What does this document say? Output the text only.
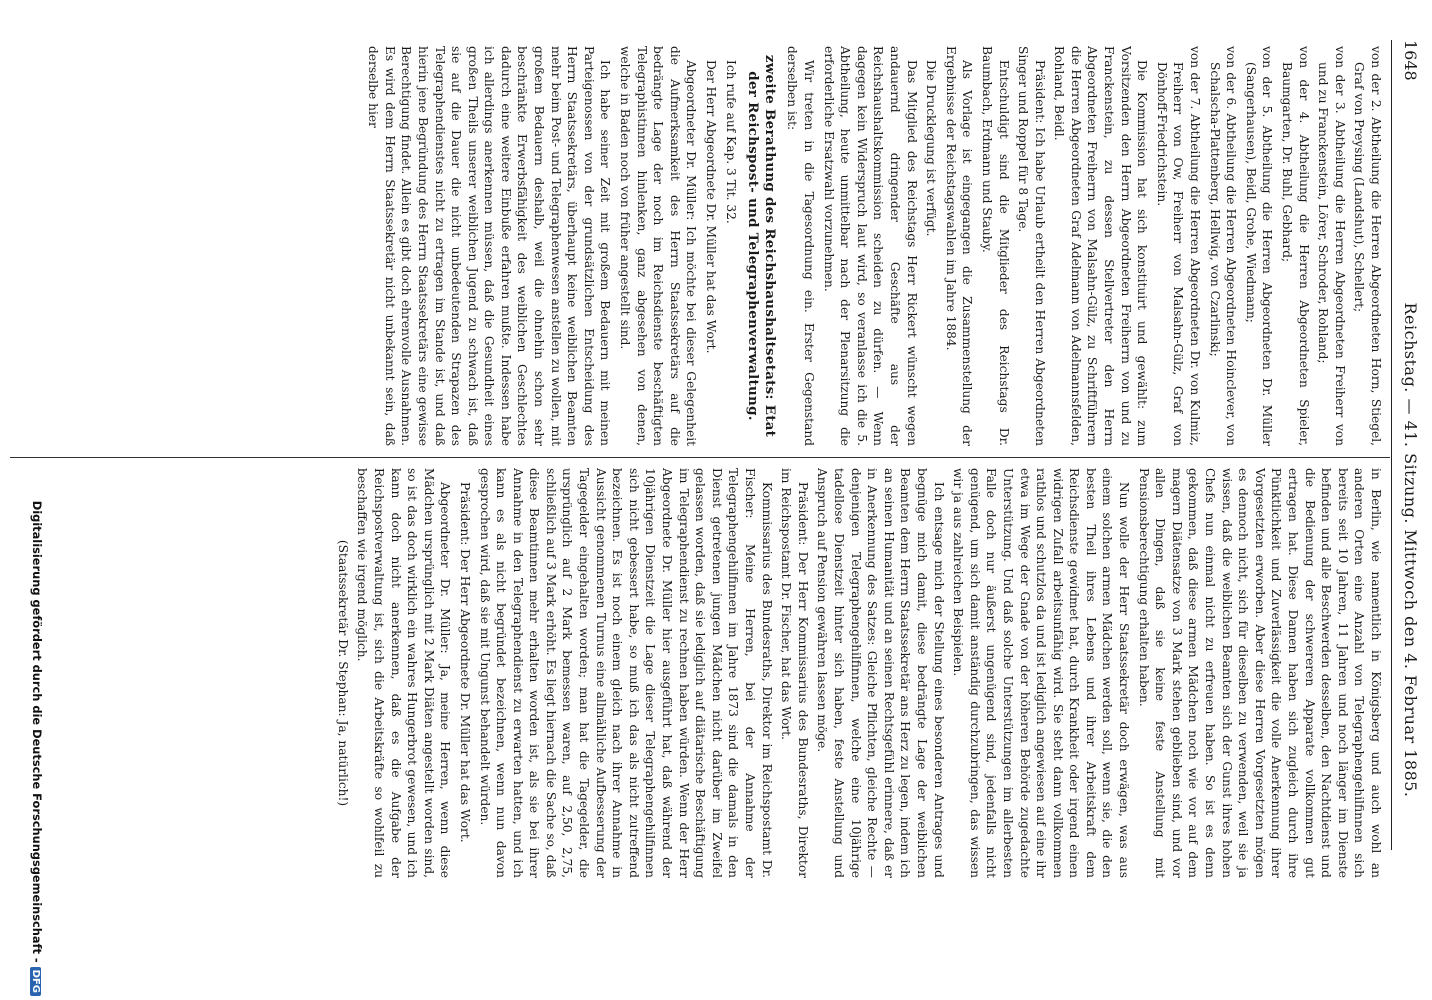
1648
Reichstag. — 41. Sitzung. Mittwoch den 4. Februar 1885.

von der 2. Abtheilung die Herren Abgeordneten Horn, Stiegel, Graf von Preysing (Landshut), Schellert;

von der 3. Abtheilung die Herren Abgeordneten Freiherr von und zu Franckenstein, Lörer, Schroder, Rohland;

von der 4. Abtheilung die Herren Abgeordneten Spieler, Baumgarten, Dr. Buhl, Gebhard;

von der 5. Abtheilung die Herren Abgeordneten Dr. Müller (Sangerhausen), Beidl, Grohe, Wiedmann;

von der 6. Abtheilung die Herren Abgeordneten Hoinclever, von Schalscha-Plattenberg, Hellwig, von Czarlinski;

von der 7. Abtheilung die Herren Abgeordneten Dr. von Kulmiz, Freiherr von Ow, Freiherr von Malsahn-Gülz, Graf von Dönhoff-Friedrichstein.

Die Kommission hat sich konstituirt und gewählt: zum Vorsitzenden den Herrn Abgeordneten Freiherrn von und zu Franckenstein, zu dessen Stellvertreter den Herrn Abgeordneten Freiherrn von Malsahn-Gülz, zu Schriftführern die Herren Abgeordneten Graf Adelmann von Adelmannsfelden, Rohland, Beidl.

Präsident: Ich habe Urlaub ertheilt den Herren Abgeordneten Singer und Roppel für 8 Tage.

Entschuldigt sind die Mitglieder des Reichstags Dr. Baumbach, Erdmann und Stauby.

Als Vorlage ist eingegangen die Zusammenstellung der Ergebnisse der Reichstagswahlen im Jahre 1884.

Die Drucklegung ist verfügt.

Das Mitglied des Reichstags Herr Rickert wünscht wegen andauernd dringender Geschäfte aus der Reichshaushaltskommission scheiden zu dürfen. — Wenn dagegen kein Widerspruch laut wird, so veranlasse ich die 5. Abtheilung, heute unmittelbar nach der Plenarsitzung die erforderliche Ersatzwahl vorzunehmen.

Wir treten in die Tagesordnung ein. Erster Gegenstand derselben ist:

zweite Berathung des Reichshaushaltsetats: Etat der Reichspost- und Telegraphenverwaltung.

Ich rufe auf Kap. 3 Tit. 32.

Der Herr Abgeordnete Dr. Müller hat das Wort.

Abgeordneter Dr. Müller: Ich möchte bei dieser Gelegenheit die Aufmerksamkeit des Herrn Staatssekretärs auf die bedrängte Lage der noch im Reichsdienste beschäftigten Telegraphistinnen hinlenken, ganz abgesehen von denen, welche in Baden noch von früher angestellt sind.

Ich habe seiner Zeit mit großem Bedauern mit meinen Parteigenossen von der grundsätzlichen Entscheidung des Herrn Staatssekretärs, überhaupt keine weiblichen Beamten mehr beim Post- und Telegraphenwesen anstellen zu wollen, mit großem Bedauern deshalb, weil die ohnehin schon sehr beschränkte Erwerbsfähigkeit des weiblichen Geschlechtes dadurch eine weitere Einbuße erfahren mußte. Indessen habe ich allerdings anerkennen müssen, daß die Gesundheit eines großen Theils unserer weiblichen Jugend zu schwach ist, daß sie auf die Dauer die nicht unbedeutenden Strapazen des Telegraphendienstes nicht zu ertragen im Stande ist, und daß hierin jene Begründung des Herrn Staatssekretärs eine gewisse Berechtigung findet. Allein es gibt doch ehrenvolle Ausnahmen. Es wird dem Herrn Staatssekretär nicht unbekannt sein, daß derselbe hier

in Berlin, wie namentlich in Königsberg und auch wohl an anderen Orten eine Anzahl von Telegraphengehilfinnen sich bereits seit 10 Jahren, 11 Jahren und noch länger im Dienste befinden und alle Beschwerden desselben, den Nachtdienst und die Bedienung der schwereren Apparate vollkommen gut ertragen hat. Diese Damen haben sich zugleich durch ihre Pünktlichkeit und Zuverlässigkeit die volle Anerkennung ihrer Vorgesetzten erworben. Aber diese Herren Vorgesetzten mögen es dennoch nicht, sich für dieselben zu verwenden, weil sie ja wissen, daß die weiblichen Beamten sich der Gunst ihres hohen Chefs nun einmal nicht zu erfreuen haben. So ist es denn gekommen, daß diese armen Mädchen noch wie vor auf dem magern Diätensatze von 3 Mark stehen geblieben sind, und vor allen Dingen, daß sie keine feste Anstellung mit Pensionsberechtigung erhalten haben.

Nun wolle der Herr Staatssekretär doch erwägen, was aus einem solchen armen Mädchen werden soll, wenn sie, die den besten Theil ihres Lebens und ihrer Arbeitskraft dem Reichsdienste gewidmet hat, durch Krankheit oder irgend einen widrigen Zufall arbeitsunfähig wird. Sie steht dann vollkommen rathlos und schutzlos da und ist lediglich angewiesen auf eine ihr etwa im Wege der Gnade von der höheren Behörde zugedachte Unterstützung. Und daß solche Unterstützungen im allerbesten Falle doch nur äußerst ungenügend sind, jedenfalls nicht genügend, um sich damit anständig durchzubringen, das wissen wir ja aus zahlreichen Beispielen.

Ich entsage mich der Stellung eines besonderen Antrages und begnüge mich damit, diese bedrängte Lage der weiblichen Beamten dem Herrn Staatssekretär ans Herz zu legen, indem ich an seinen Humanität und an seinen Rechtsgefühl erinnere, daß er in Anerkennung des Satzes: Gleiche Pflichten, gleiche Rechte — denjenigen Telegraphengehilfinnen, welche eine 10jährige tadellose Dienstzeit hinter sich haben, feste Anstellung und Anspruch auf Pension gewähren lassen möge.

Präsident: Der Herr Kommissarius des Bundesraths, Direktor im Reichspostamt Dr. Fischer, hat das Wort.

Kommissarius des Bundesraths, Direktor im Reichspostamt Dr. Fischer: Meine Herren, bei der Annahme der Telegraphengehilfinnen im Jahre 1873 sind die damals in den Dienst getretenen jungen Mädchen nicht darüber im Zweifel gelassen worden, daß sie lediglich auf diätarische Beschäftigung im Telegraphendienst zu rechnen haben würden. Wenn der Herr Abgeordnete Dr. Müller hier ausgeführt hat, daß während der 10jährigen Dienstzeit die Lage dieser Telegraphengehilfinnen sich nicht gebessert habe, so muß ich das als nicht zutreffend bezeichnen. Es ist noch einem gleich nach ihrer Annahme in Aussicht genommenen Turnus eine allmähliche Aufbesserung der Tagegelder eingehalten worden; man hat die Tagegelder, die ursprünglich auf 2 Mark bemessen waren, auf 2,50, 2,75, schließlich auf 3 Mark erhöht. Es liegt hiernach die Sache so, daß diese Beamtinnen mehr erhalten worden ist, als sie bei ihrer Annahme in den Telegraphendienst zu erwarten hatten, und ich kann es als nicht begründet bezeichnen, wenn nun davon gesprochen wird, daß sie mit Ungunst behandelt würden.

Präsident: Der Herr Abgeordnete Dr. Müller hat das Wort.

Abgeordneter Dr. Müller: Ja, meine Herren, wenn diese Mädchen ursprünglich mit 2 Mark Diäten angestellt worden sind, so ist das doch wirklich ein wahres Hungerbrot gewesen, und ich kann doch nicht anerkennen, daß es die Aufgabe der Reichspostverwaltung ist, sich die Arbeitskräfte so wohlfeil zu beschaffen wie irgend möglich.

(Staatssekretär Dr. Stephan: Ja, natürlich!)

Digitalisierung gefördert durch die Deutsche Forschungsgemeinschaft -DFG
